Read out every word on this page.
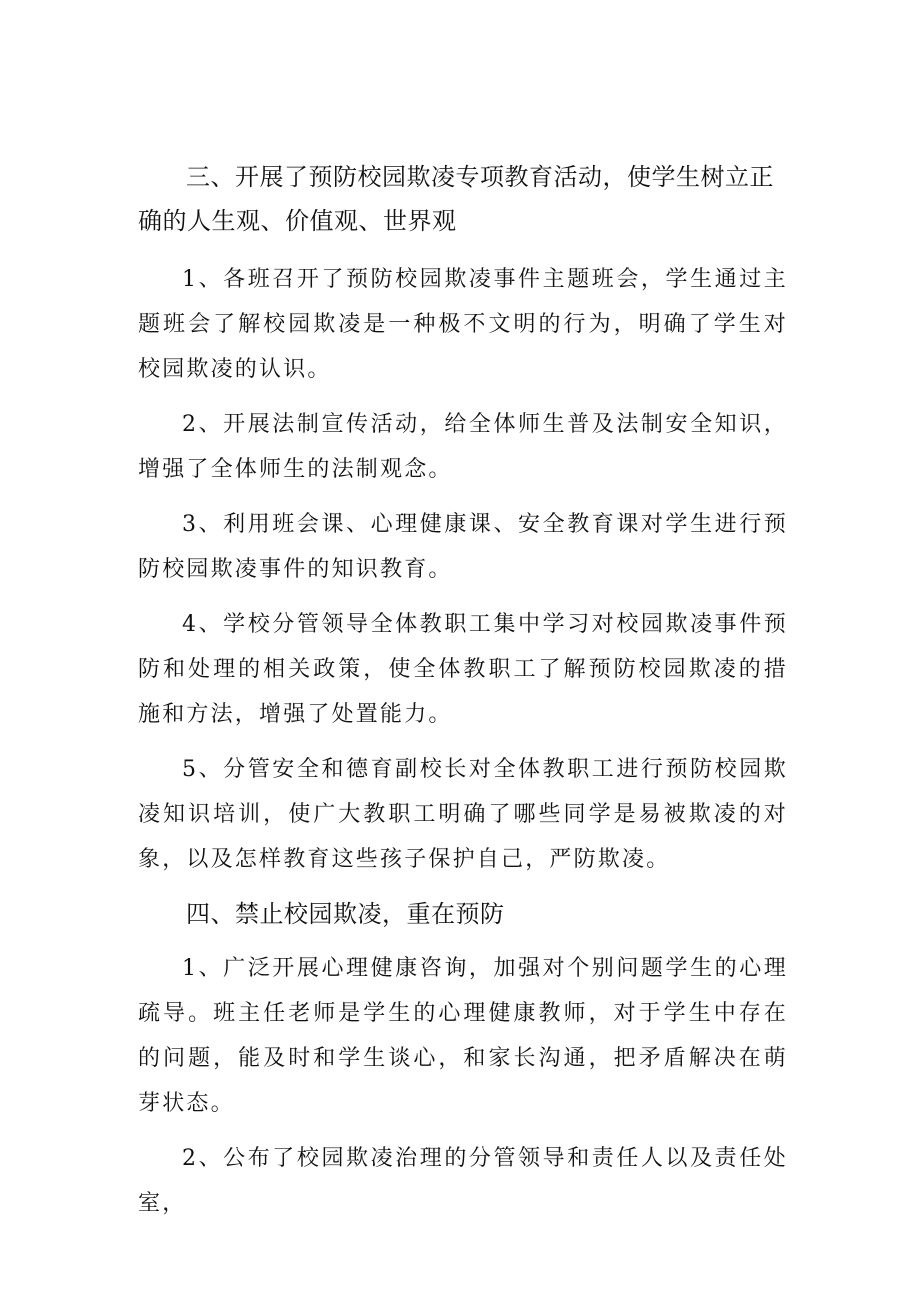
三、开展了预防校园欺凌专项教育活动，使学生树立正确的人生观、价值观、世界观

1、各班召开了预防校园欺凌事件主题班会，学生通过主题班会了解校园欺凌是一种极不文明的行为，明确了学生对校园欺凌的认识。

2、开展法制宣传活动，给全体师生普及法制安全知识，增强了全体师生的法制观念。

3、利用班会课、心理健康课、安全教育课对学生进行预防校园欺凌事件的知识教育。

4、学校分管领导全体教职工集中学习对校园欺凌事件预防和处理的相关政策，使全体教职工了解预防校园欺凌的措施和方法，增强了处置能力。

5、分管安全和德育副校长对全体教职工进行预防校园欺凌知识培训，使广大教职工明确了哪些同学是易被欺凌的对象，以及怎样教育这些孩子保护自己，严防欺凌。

四、禁止校园欺凌，重在预防

1、广泛开展心理健康咨询，加强对个别问题学生的心理疏导。班主任老师是学生的心理健康教师，对于学生中存在的问题，能及时和学生谈心，和家长沟通，把矛盾解决在萌芽状态。

2、公布了校园欺凌治理的分管领导和责任人以及责任处室，
